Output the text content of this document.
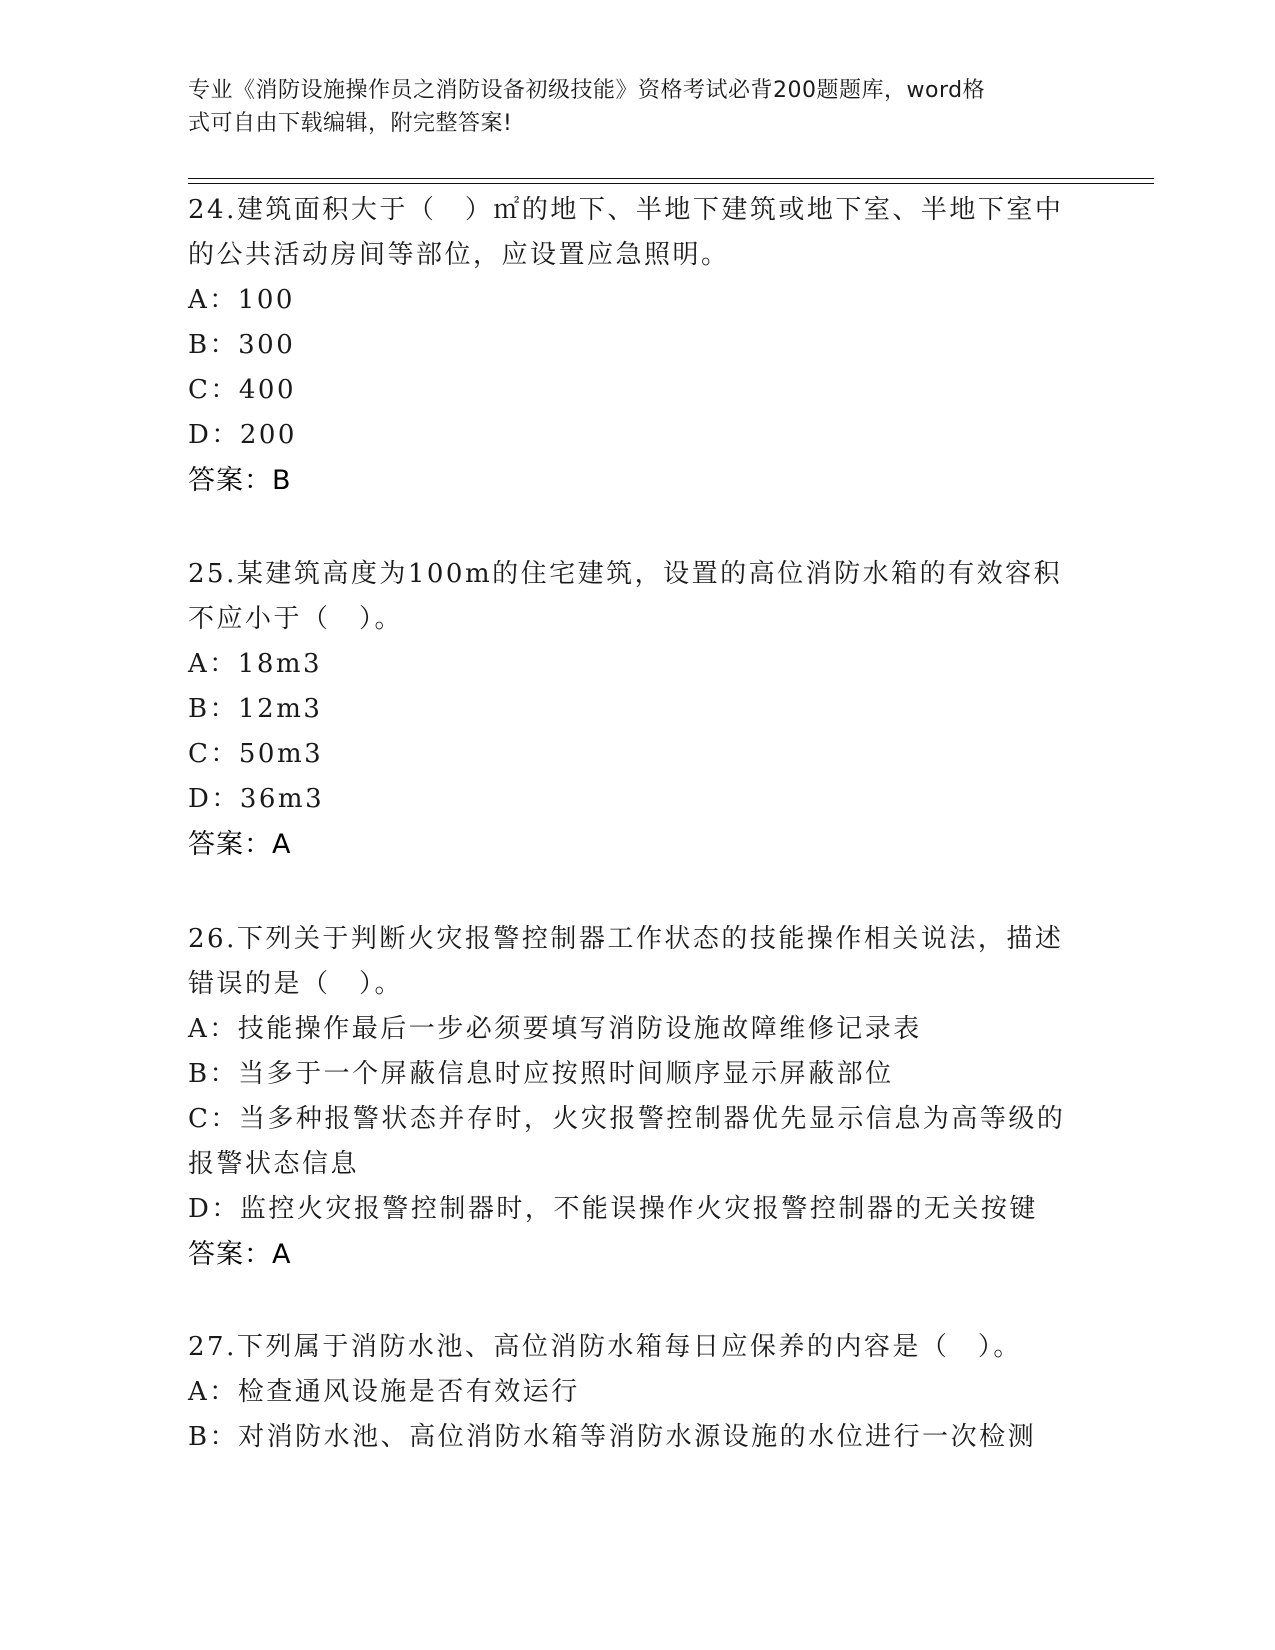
专业《消防设施操作员之消防设备初级技能》资格考试必背200题题库，word格
式可自由下载编辑，附完整答案!

24.建筑面积大于（　）㎡的地下、半地下建筑或地下室、半地下室中

的公共活动房间等部位，应设置应急照明。

A：100

B：300

C：400

D：200

答案：B

25.某建筑高度为100m的住宅建筑，设置的高位消防水箱的有效容积

不应小于（　）。

A：18m3

B：12m3

C：50m3

D：36m3

答案：A

26.下列关于判断火灾报警控制器工作状态的技能操作相关说法，描述

错误的是（　）。

A：技能操作最后一步必须要填写消防设施故障维修记录表

B：当多于一个屏蔽信息时应按照时间顺序显示屏蔽部位

C：当多种报警状态并存时，火灾报警控制器优先显示信息为高等级的

报警状态信息

D：监控火灾报警控制器时，不能误操作火灾报警控制器的无关按键

答案：A

27.下列属于消防水池、高位消防水箱每日应保养的内容是（　）。

A：检查通风设施是否有效运行

B：对消防水池、高位消防水箱等消防水源设施的水位进行一次检测
